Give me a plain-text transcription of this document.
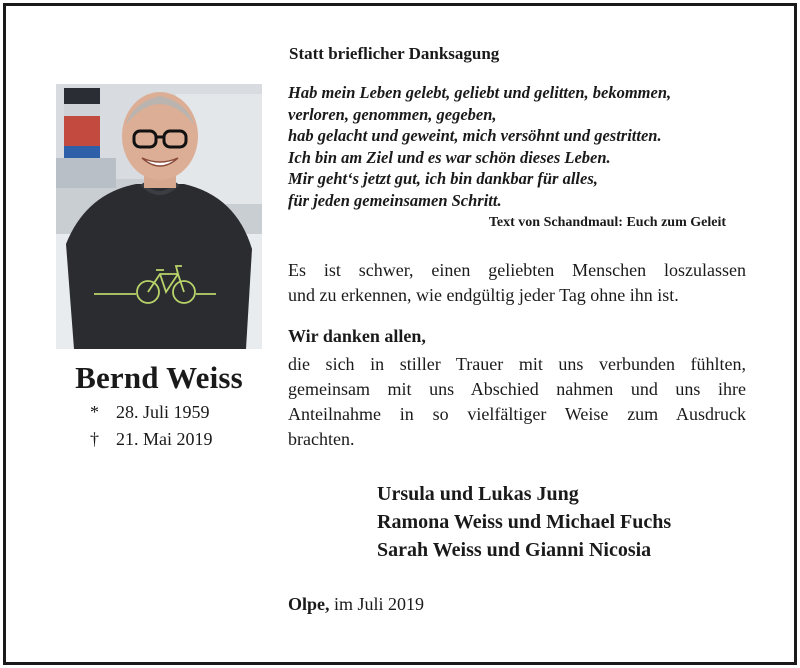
Bernd Weiss
* 28. Juli 1959
† 21. Mai 2019
Statt brieflicher Danksagung
Hab mein Leben gelebt, geliebt und gelitten, bekommen,
verloren, genommen, gegeben,
hab gelacht und geweint, mich versöhnt und gestritten.
Ich bin am Ziel und es war schön dieses Leben.
Mir geht‘s jetzt gut, ich bin dankbar für alles,
für jeden gemeinsamen Schritt.
Text von Schandmaul: Euch zum Geleit
Es ist schwer, einen geliebten Menschen loszulassen
und zu erkennen, wie endgültig jeder Tag ohne ihn ist.
Wir danken allen,
die sich in stiller Trauer mit uns verbunden fühlten,
gemeinsam mit uns Abschied nahmen und uns ihre
Anteilnahme in so vielfältiger Weise zum Ausdruck
brachten.
Ursula und Lukas Jung
Ramona Weiss und Michael Fuchs
Sarah Weiss und Gianni Nicosia
Olpe, im Juli 2019
